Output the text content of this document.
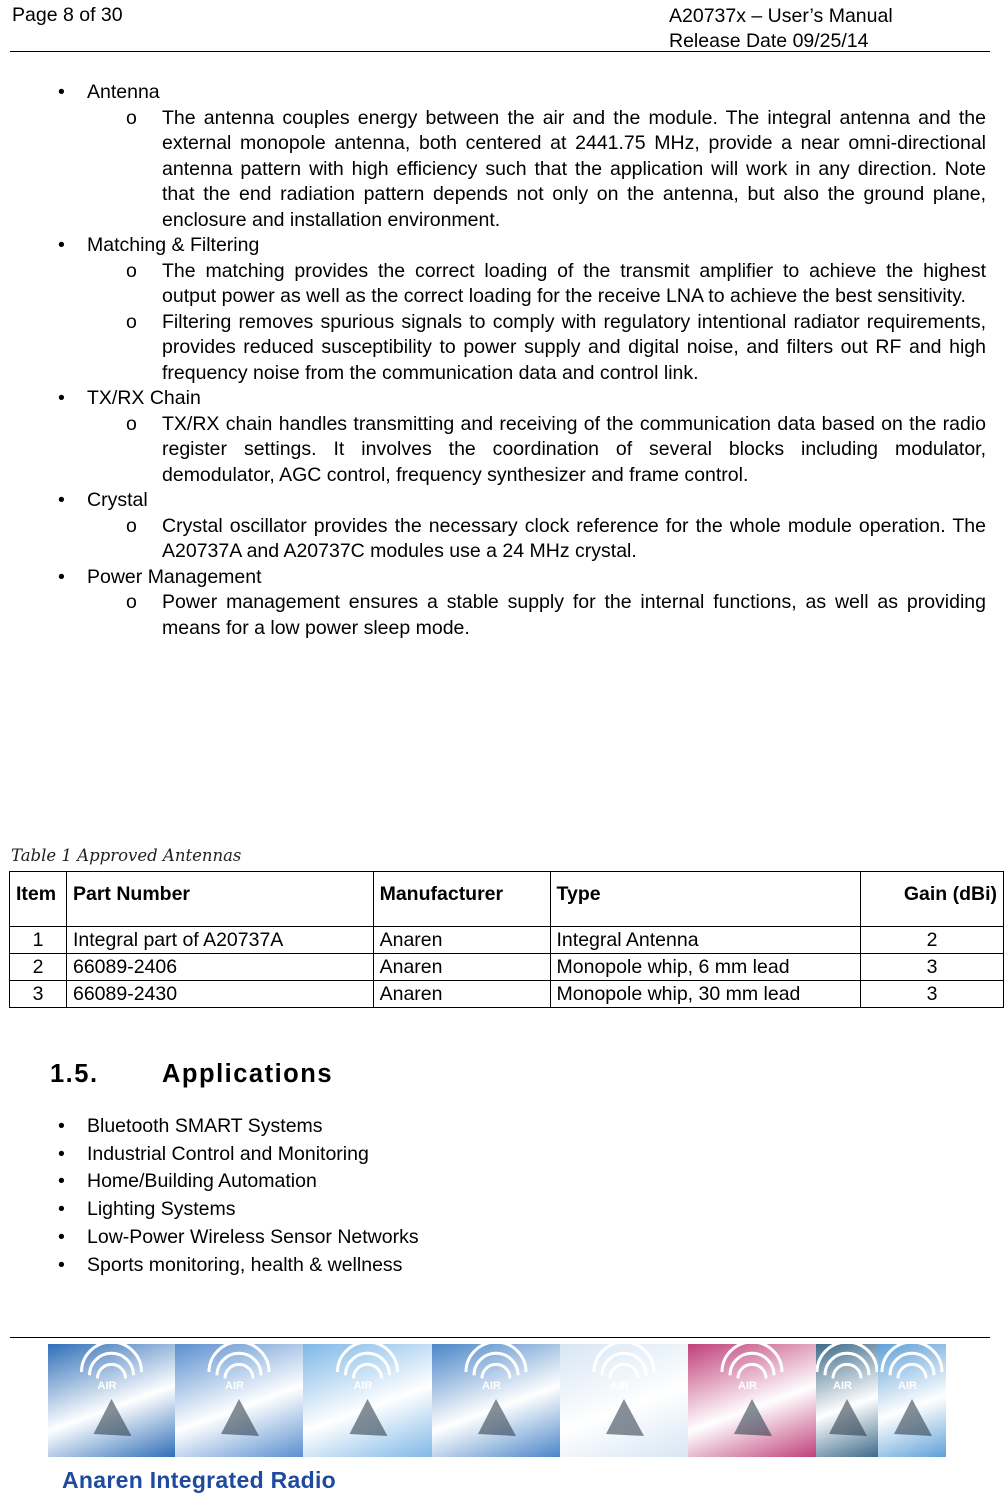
Page 8 of 30	A20737x – User’s Manual
Release Date 09/25/14
• Antenna
o The antenna couples energy between the air and the module. The integral antenna and the external monopole antenna, both centered at 2441.75 MHz, provide a near omni-directional antenna pattern with high efficiency such that the application will work in any direction. Note that the end radiation pattern depends not only on the antenna, but also the ground plane, enclosure and installation environment.
• Matching & Filtering
o The matching provides the correct loading of the transmit amplifier to achieve the highest output power as well as the correct loading for the receive LNA to achieve the best sensitivity.
o Filtering removes spurious signals to comply with regulatory intentional radiator requirements, provides reduced susceptibility to power supply and digital noise, and filters out RF and high frequency noise from the communication data and control link.
• TX/RX Chain
o TX/RX chain handles transmitting and receiving of the communication data based on the radio register settings. It involves the coordination of several blocks including modulator, demodulator, AGC control, frequency synthesizer and frame control.
• Crystal
o Crystal oscillator provides the necessary clock reference for the whole module operation. The A20737A and A20737C modules use a 24 MHz crystal.
• Power Management
o Power management ensures a stable supply for the internal functions, as well as providing means for a low power sleep mode.
Table 1 Approved Antennas
Item	Part Number	Manufacturer	Type	Gain (dBi)
1	Integral part of A20737A	Anaren	Integral Antenna	2
2	66089-2406	Anaren	Monopole whip, 6 mm lead	3
3	66089-2430	Anaren	Monopole whip, 30 mm lead	3
1.5. Applications
• Bluetooth SMART Systems
• Industrial Control and Monitoring
• Home/Building Automation
• Lighting Systems
• Low-Power Wireless Sensor Networks
• Sports monitoring, health & wellness
Anaren Integrated Radio
AIR	AIR	AIR	AIR	AIR	AIR	AIR	AIR
